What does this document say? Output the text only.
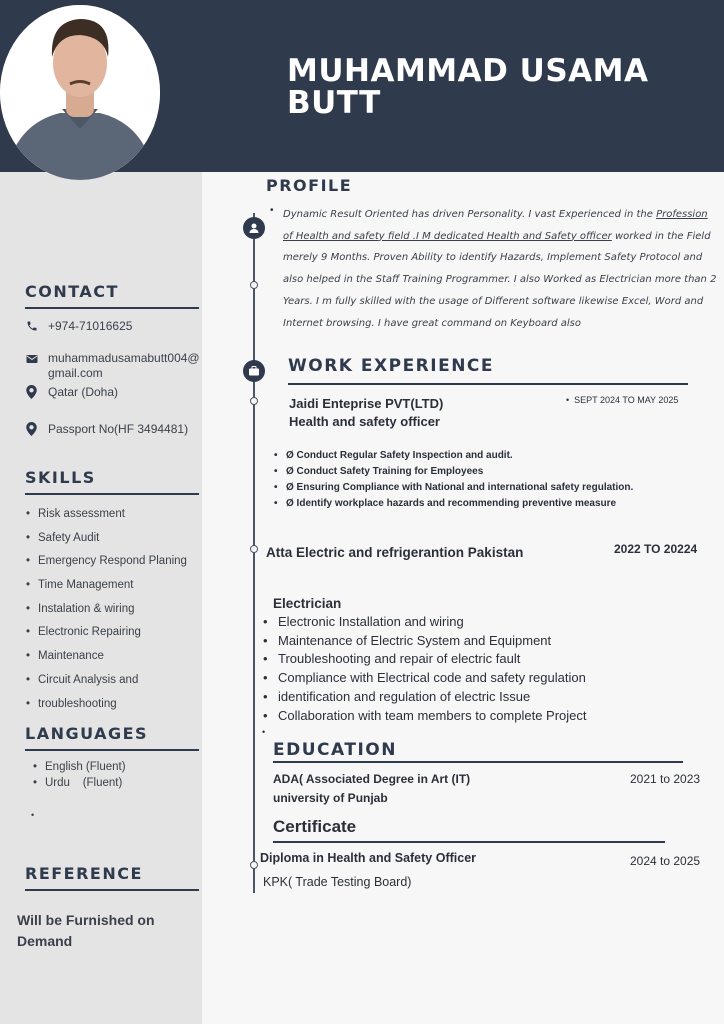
MUHAMMAD USAMA BUTT
CONTACT
+974-71016625
muhammadusamabutt004@gmail.com
Qatar (Doha)
Passport No(HF 3494481)
SKILLS
• Risk assessment
• Safety Audit
• Emergency Respond Planing
• Time Management
• Instalation & wiring
• Electronic Repairing
• Maintenance
• Circuit Analysis and
• troubleshooting
LANGUAGES
• English (Fluent)
• Urdu    (Fluent)
•
REFERENCE
Will be Furnished on Demand
PROFILE
• Dynamic Result Oriented has driven Personality. I vast Experienced in the Profession of Health and safety field .I M dedicated Health and Safety officer worked in the Field merely 9 Months. Proven Ability to identify Hazards, Implement Safety Protocol and also helped in the Staff Training Programmer. I also Worked as Electrician more than 2 Years. I m fully skilled with the usage of Different software likewise Excel, Word and Internet browsing. I have great command on Keyboard also
WORK EXPERIENCE
Jaidi Enteprise PVT(LTD)
Health and safety officer
•  SEPT 2024 TO MAY 2025
• Ø Conduct Regular Safety Inspection and audit.
• Ø Conduct Safety Training for Employees
• Ø Ensuring Compliance with National and international safety regulation.
• Ø Identify workplace hazards and recommending preventive measure
Atta Electric and refrigerantion Pakistan	2022 TO 20224
Electrician
• Electronic Installation and wiring
• Maintenance of Electric System and Equipment
• Troubleshooting and repair of electric fault
• Compliance with Electrical code and safety regulation
• identification and regulation of electric Issue
• Collaboration with team members to complete Project
•
EDUCATION
ADA( Associated Degree in Art (IT)
university of Punjab
2021 to 2023
Certificate
Diploma in Health and Safety Officer
KPK( Trade Testing Board)
2024 to 2025
